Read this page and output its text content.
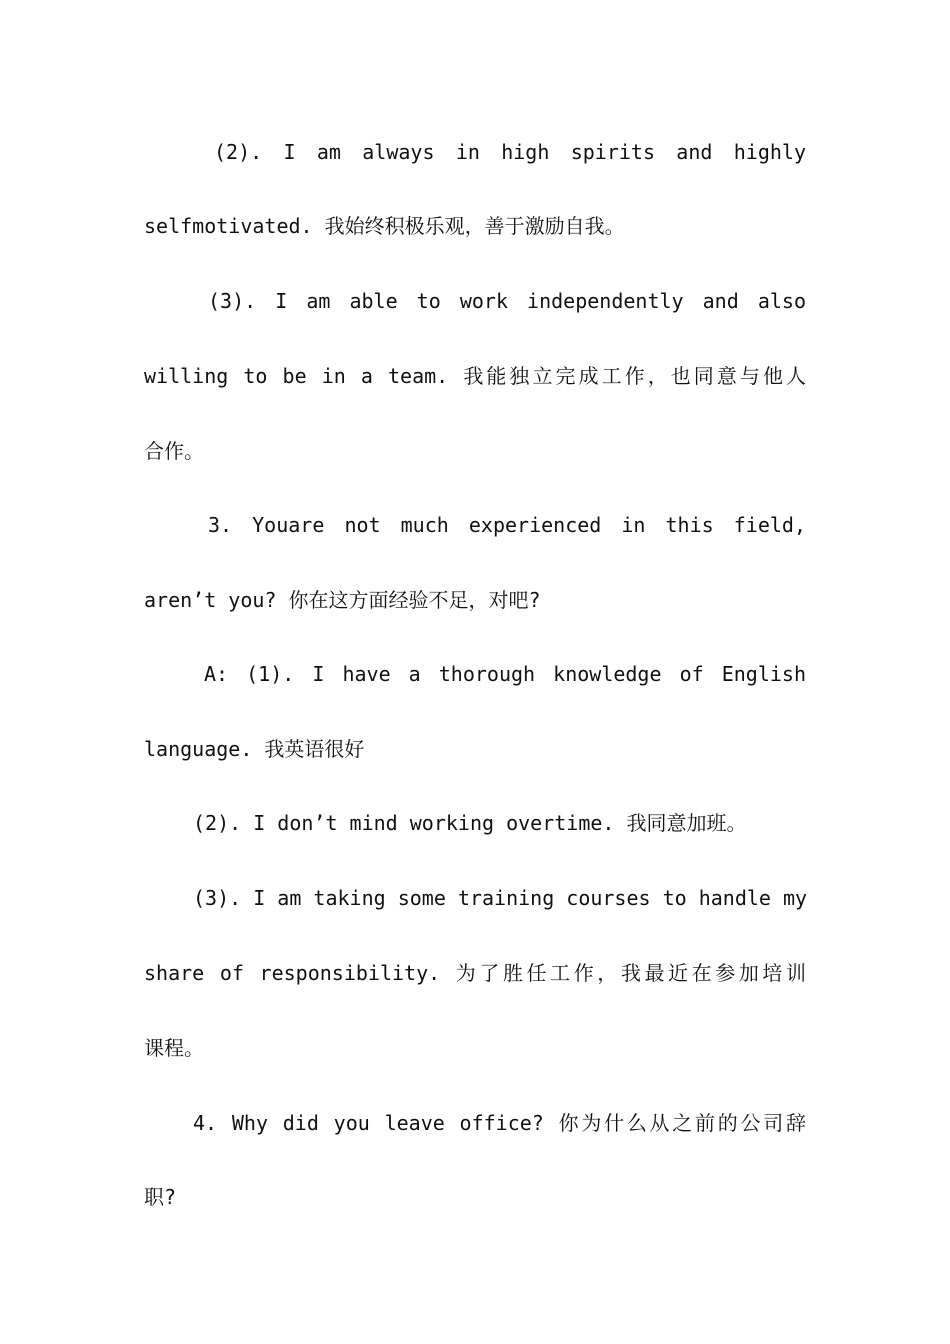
(2). I am always in high spirits and highly
selfmotivated. 我始终积极乐观，善于激励自我。
(3). I am able to work independently and also
willing to be in a team. 我能独立完成工作，也同意与他人
合作。
3. Youare not much experienced in this field,
aren’t you? 你在这方面经验不足，对吧?
A: (1). I have a thorough knowledge of English
language. 我英语很好
(2). I don’t mind working overtime. 我同意加班。
(3). I am taking some training courses to handle my
share of responsibility. 为了胜任工作，我最近在参加培训
课程。
4. Why did you leave office? 你为什么从之前的公司辞
职?
